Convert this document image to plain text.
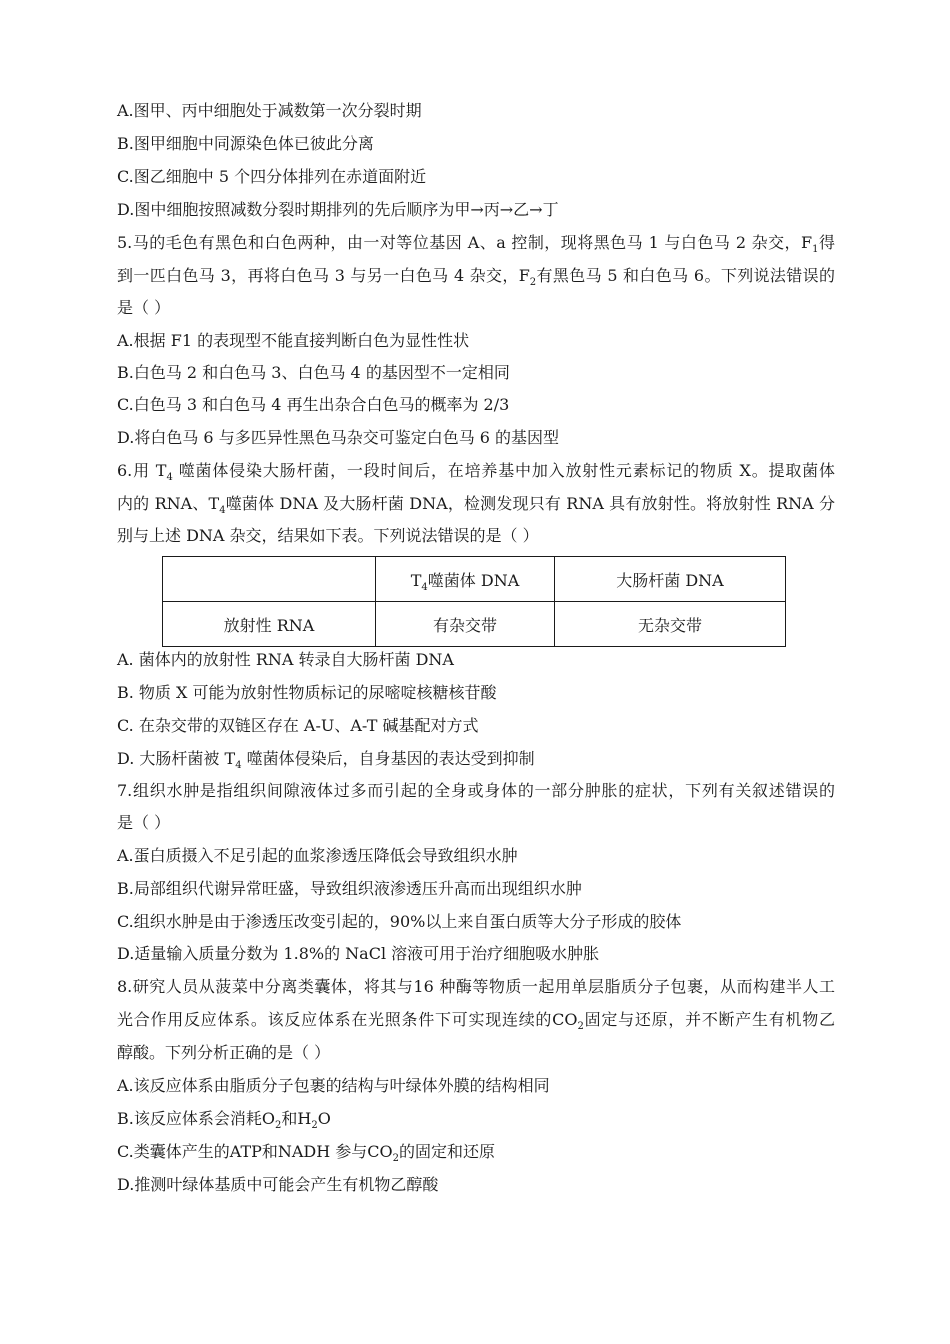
A.图甲、丙中细胞处于减数第一次分裂时期
B.图甲细胞中同源染色体已彼此分离
C.图乙细胞中 5 个四分体排列在赤道面附近
D.图中细胞按照减数分裂时期排列的先后顺序为甲→丙→乙→丁
5.马的毛色有黑色和白色两种，由一对等位基因 A、a 控制，现将黑色马 1 与白色马 2 杂交，$F_1$得
到一匹白色马 3，再将白色马 3 与另一白色马 4 杂交，$F_2$有黑色马 5 和白色马 6。下列说法错误的
是（ ）
A.根据 F1 的表现型不能直接判断白色为显性性状
B.白色马 2 和白色马 3、白色马 4 的基因型不一定相同
C.白色马 3 和白色马 4 再生出杂合白色马的概率为 2/3
D.将白色马 6 与多匹异性黑色马杂交可鉴定白色马 6 的基因型
6.用 $T_4$ 噬菌体侵染大肠杆菌，一段时间后，在培养基中加入放射性元素标记的物质 X。提取菌体
内的 RNA、$T_4$噬菌体 DNA 及大肠杆菌 DNA，检测发现只有 RNA 具有放射性。将放射性 RNA 分
别与上述 DNA 杂交，结果如下表。下列说法错误的是（ ）
	$T_4$噬菌体 DNA	大肠杆菌 DNA
放射性 RNA	有杂交带	无杂交带
A. 菌体内的放射性 RNA 转录自大肠杆菌 DNA
B. 物质 X 可能为放射性物质标记的尿嘧啶核糖核苷酸
C. 在杂交带的双链区存在 A-U、A-T 碱基配对方式
D. 大肠杆菌被 $T_4$ 噬菌体侵染后，自身基因的表达受到抑制
7.组织水肿是指组织间隙液体过多而引起的全身或身体的一部分肿胀的症状，下列有关叙述错误的
是（ ）
A.蛋白质摄入不足引起的血浆渗透压降低会导致组织水肿
B.局部组织代谢异常旺盛，导致组织液渗透压升高而出现组织水肿
C.组织水肿是由于渗透压改变引起的，90%以上来自蛋白质等大分子形成的胶体
D.适量输入质量分数为 1.8%的 NaCl 溶液可用于治疗细胞吸水肿胀
8.研究人员从菠菜中分离类囊体，将其与16 种酶等物质一起用单层脂质分子包裹，从而构建半人工
光合作用反应体系。该反应体系在光照条件下可实现连续的$CO_2$固定与还原，并不断产生有机物乙
醇酸。下列分析正确的是（ ）
A.该反应体系由脂质分子包裹的结构与叶绿体外膜的结构相同
B.该反应体系会消耗$O_2$和$H_2O$
C.类囊体产生的ATP和NADH 参与$CO_2$的固定和还原
D.推测叶绿体基质中可能会产生有机物乙醇酸
